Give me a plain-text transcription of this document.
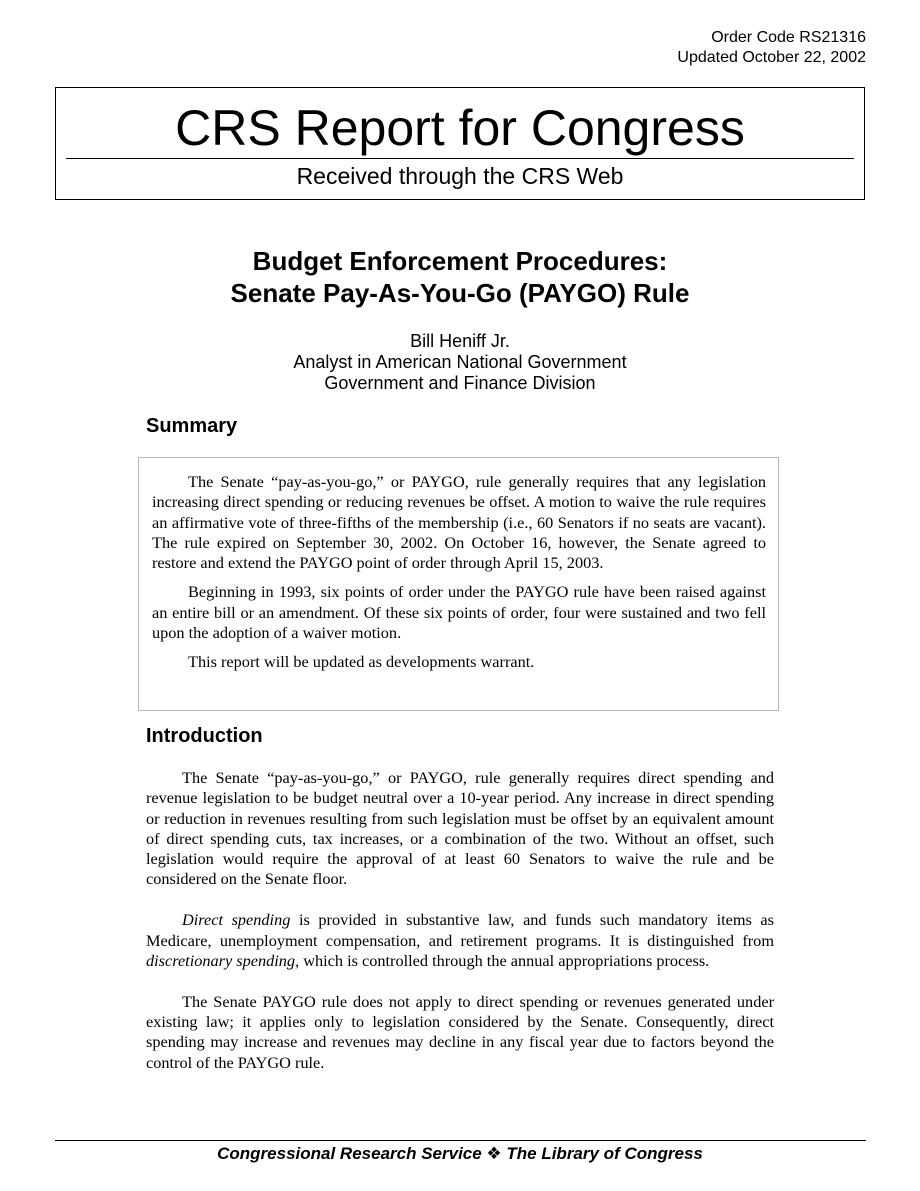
Order Code RS21316
Updated October 22, 2002
CRS Report for Congress
Received through the CRS Web
Budget Enforcement Procedures:
Senate Pay-As-You-Go (PAYGO) Rule
Bill Heniff Jr.
Analyst in American National Government
Government and Finance Division
Summary

The Senate “pay-as-you-go,” or PAYGO, rule generally requires that any legislation increasing direct spending or reducing revenues be offset. A motion to waive the rule requires an affirmative vote of three-fifths of the membership (i.e., 60 Senators if no seats are vacant). The rule expired on September 30, 2002. On October 16, however, the Senate agreed to restore and extend the PAYGO point of order through April 15, 2003.

Beginning in 1993, six points of order under the PAYGO rule have been raised against an entire bill or an amendment. Of these six points of order, four were sustained and two fell upon the adoption of a waiver motion.

This report will be updated as developments warrant.

Introduction

The Senate “pay-as-you-go,” or PAYGO, rule generally requires direct spending and revenue legislation to be budget neutral over a 10-year period. Any increase in direct spending or reduction in revenues resulting from such legislation must be offset by an equivalent amount of direct spending cuts, tax increases, or a combination of the two. Without an offset, such legislation would require the approval of at least 60 Senators to waive the rule and be considered on the Senate floor.

Direct spending is provided in substantive law, and funds such mandatory items as Medicare, unemployment compensation, and retirement programs. It is distinguished from discretionary spending, which is controlled through the annual appropriations process.

The Senate PAYGO rule does not apply to direct spending or revenues generated under existing law; it applies only to legislation considered by the Senate. Consequently, direct spending may increase and revenues may decline in any fiscal year due to factors beyond the control of the PAYGO rule.

Congressional Research Service ❖ The Library of Congress
